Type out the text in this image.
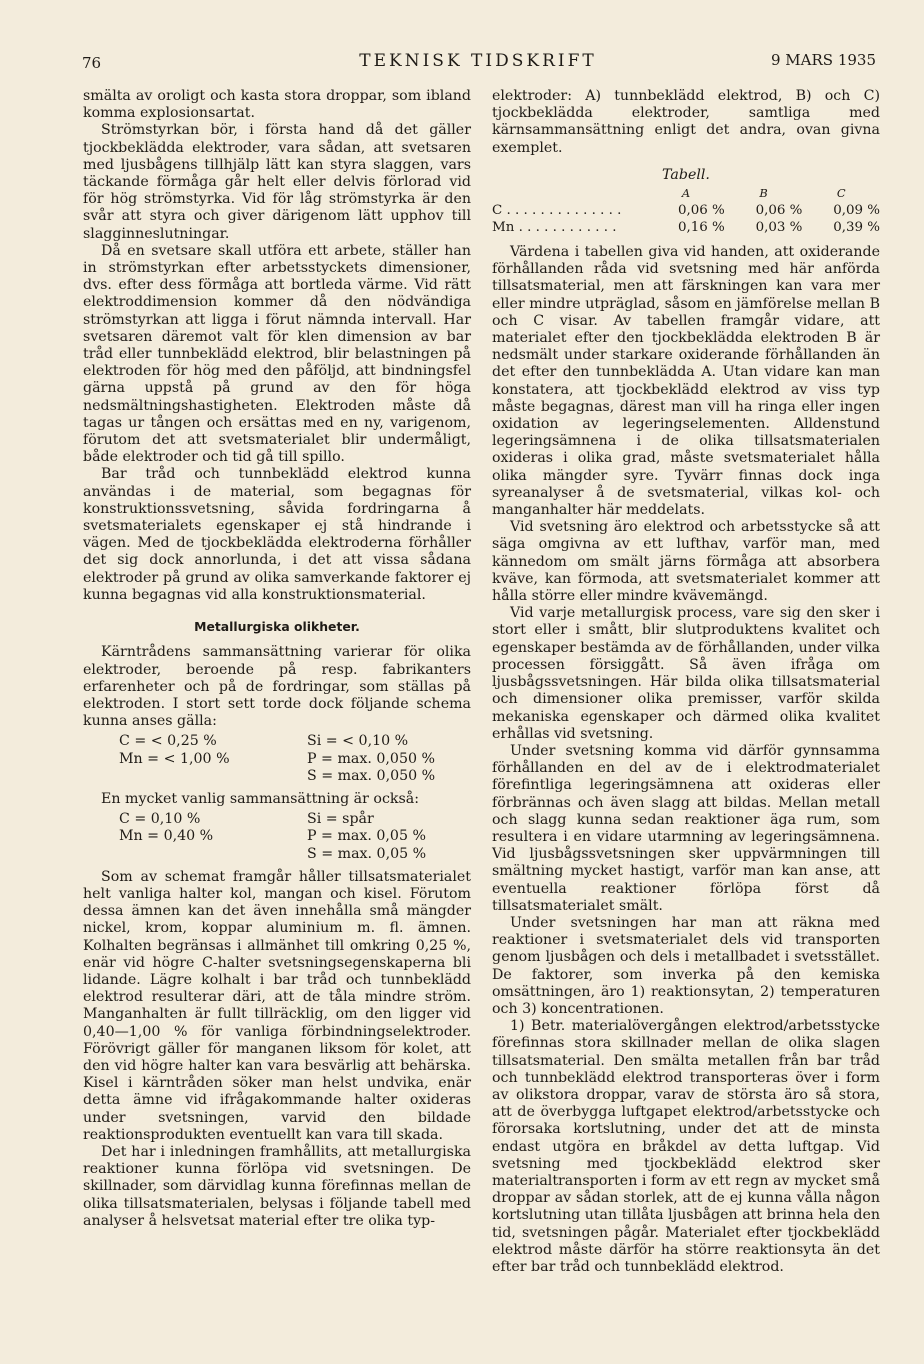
76	TEKNISK TIDSKRIFT	9 MARS 1935

smälta av oroligt och kasta stora droppar, som ibland komma explosionsartat.

Strömstyrkan bör, i första hand då det gäller tjockbeklädda elektroder, vara sådan, att svetsaren med ljusbågens tillhjälp lätt kan styra slaggen, vars täckande förmåga går helt eller delvis förlorad vid för hög strömstyrka. Vid för låg strömstyrka är den svår att styra och giver därigenom lätt upphov till slagginneslutningar.

Då en svetsare skall utföra ett arbete, ställer han in strömstyrkan efter arbetsstyckets dimensioner, dvs. efter dess förmåga att bortleda värme. Vid rätt elektroddimension kommer då den nödvändiga strömstyrkan att ligga i förut nämnda intervall. Har svetsaren däremot valt för klen dimension av bar tråd eller tunnbeklädd elektrod, blir belastningen på elektroden för hög med den påföljd, att bindningsfel gärna uppstå på grund av den för höga nedsmältningshastigheten. Elektroden måste då tagas ur tången och ersättas med en ny, varigenom, förutom det att svetsmaterialet blir undermåligt, både elektroder och tid gå till spillo.

Bar tråd och tunnbeklädd elektrod kunna användas i de material, som begagnas för konstruktionssvetsning, såvida fordringarna å svetsmaterialets egenskaper ej stå hindrande i vägen. Med de tjockbeklädda elektroderna förhåller det sig dock annorlunda, i det att vissa sådana elektroder på grund av olika samverkande faktorer ej kunna begagnas vid alla konstruktionsmaterial.

Metallurgiska olikheter.

Kärntrådens sammansättning varierar för olika elektroder, beroende på resp. fabrikanters erfarenheter och på de fordringar, som ställas på elektroden. I stort sett torde dock följande schema kunna anses gälla:

C = < 0,25 %	Si = < 0,10 %
Mn = < 1,00 %	P = max. 0,050 %
S = max. 0,050 %

En mycket vanlig sammansättning är också:

C = 0,10 %	Si = spår
Mn = 0,40 %	P = max. 0,05 %
S = max. 0,05 %

Som av schemat framgår håller tillsatsmaterialet helt vanliga halter kol, mangan och kisel. Förutom dessa ämnen kan det även innehålla små mängder nickel, krom, koppar aluminium m. fl. ämnen. Kolhalten begränsas i allmänhet till omkring 0,25 %, enär vid högre C-halter svetsningsegenskaperna bli lidande. Lägre kolhalt i bar tråd och tunnbeklädd elektrod resulterar däri, att de tåla mindre ström. Manganhalten är fullt tillräcklig, om den ligger vid 0,40—1,00 % för vanliga förbindningselektroder. Förövrigt gäller för manganen liksom för kolet, att den vid högre halter kan vara besvärlig att behärska. Kisel i kärntråden söker man helst undvika, enär detta ämne vid ifrågakommande halter oxideras under svetsningen, varvid den bildade reaktionsprodukten eventuellt kan vara till skada.

Det har i inledningen framhållits, att metallurgiska reaktioner kunna förlöpa vid svetsningen. De skillnader, som därvidlag kunna förefinnas mellan de olika tillsatsmaterialen, belysas i följande tabell med analyser å helsvetsat material efter tre olika typ-

elektroder: A) tunnbeklädd elektrod, B) och C) tjockbeklädda elektroder, samtliga med kärnsammansättning enligt det andra, ovan givna exemplet.

Tabell.
	A	B	C
C . . . . . . . . . . . . . .	0,06 %	0,06 %	0,09 %
Mn . . . . . . . . . . . .	0,16 %	0,03 %	0,39 %

Värdena i tabellen giva vid handen, att oxiderande förhållanden råda vid svetsning med här anförda tillsatsmaterial, men att färskningen kan vara mer eller mindre utpräglad, såsom en jämförelse mellan B och C visar. Av tabellen framgår vidare, att materialet efter den tjockbeklädda elektroden B är nedsmält under starkare oxiderande förhållanden än det efter den tunnbeklädda A. Utan vidare kan man konstatera, att tjockbeklädd elektrod av viss typ måste begagnas, därest man vill ha ringa eller ingen oxidation av legeringselementen. Alldenstund legeringsämnena i de olika tillsatsmaterialen oxideras i olika grad, måste svetsmaterialet hålla olika mängder syre. Tyvärr finnas dock inga syreanalyser å de svetsmaterial, vilkas kol- och manganhalter här meddelats.

Vid svetsning äro elektrod och arbetsstycke så att säga omgivna av ett lufthav, varför man, med kännedom om smält järns förmåga att absorbera kväve, kan förmoda, att svetsmaterialet kommer att hålla större eller mindre kvävemängd.

Vid varje metallurgisk process, vare sig den sker i stort eller i smått, blir slutproduktens kvalitet och egenskaper bestämda av de förhållanden, under vilka processen försiggått. Så även ifråga om ljusbågssvetsningen. Här bilda olika tillsatsmaterial och dimensioner olika premisser, varför skilda mekaniska egenskaper och därmed olika kvalitet erhållas vid svetsning.

Under svetsning komma vid därför gynnsamma förhållanden en del av de i elektrodmaterialet förefintliga legeringsämnena att oxideras eller förbrännas och även slagg att bildas. Mellan metall och slagg kunna sedan reaktioner äga rum, som resultera i en vidare utarmning av legeringsämnena. Vid ljusbågssvetsningen sker uppvärmningen till smältning mycket hastigt, varför man kan anse, att eventuella reaktioner förlöpa först då tillsatsmaterialet smält.

Under svetsningen har man att räkna med reaktioner i svetsmaterialet dels vid transporten genom ljusbågen och dels i metallbadet i svetsstället. De faktorer, som inverka på den kemiska omsättningen, äro 1) reaktionsytan, 2) temperaturen och 3) koncentrationen.

1) Betr. materialövergången elektrod/arbetsstycke förefinnas stora skillnader mellan de olika slagen tillsatsmaterial. Den smälta metallen från bar tråd och tunnbeklädd elektrod transporteras över i form av olikstora droppar, varav de största äro så stora, att de överbygga luftgapet elektrod/arbetsstycke och förorsaka kortslutning, under det att de minsta endast utgöra en bråkdel av detta luftgap. Vid svetsning med tjockbeklädd elektrod sker materialtransporten i form av ett regn av mycket små droppar av sådan storlek, att de ej kunna vålla någon kortslutning utan tillåta ljusbågen att brinna hela den tid, svetsningen pågår. Materialet efter tjockbeklädd elektrod måste därför ha större reaktionsyta än det efter bar tråd och tunnbeklädd elektrod.
